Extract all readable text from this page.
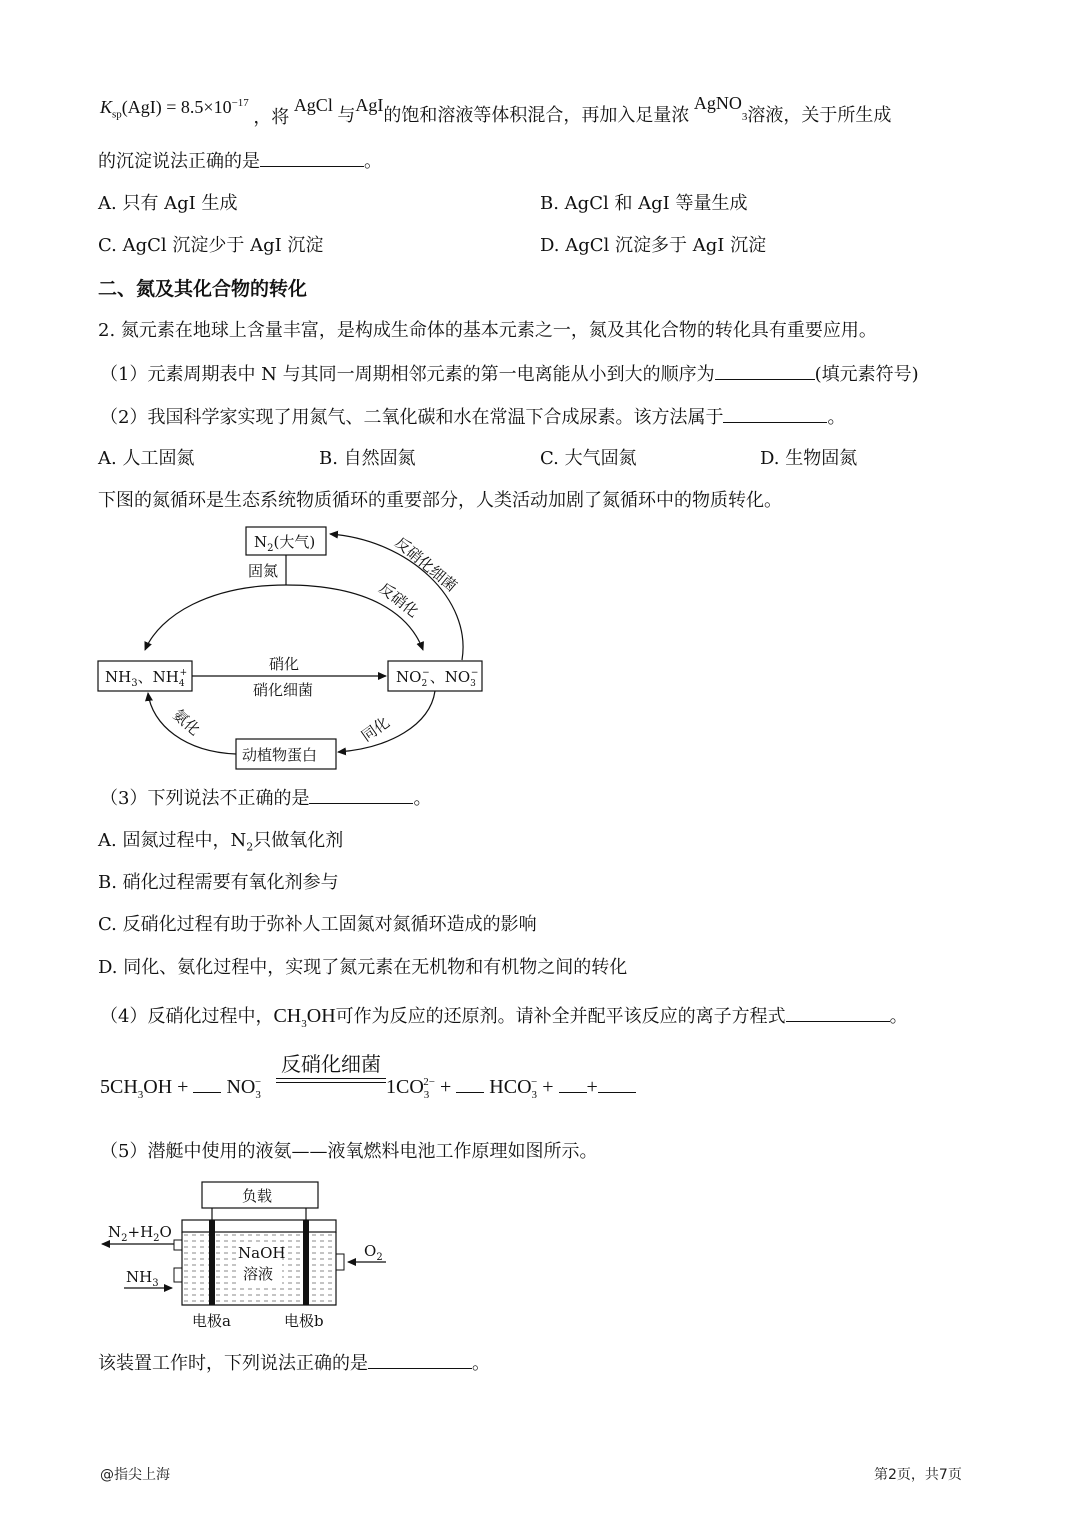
$K_{sp}(AgI) = 8.5\times 10^{-17}$ ，将 AgCl 与AgI的饱和溶液等体积混合，再加入足量浓 AgNO$_3$溶液，关于所生成
的沉淀说法正确的是	。
A. 只有 AgI 生成	B. AgCl 和 AgI 等量生成
C. AgCl 沉淀少于 AgI 沉淀	D. AgCl 沉淀多于 AgI 沉淀
二、氮及其化合物的转化
2. 氮元素在地球上含量丰富，是构成生命体的基本元素之一，氮及其化合物的转化具有重要应用。
（1）元素周期表中 N 与其同一周期相邻元素的第一电离能从小到大的顺序为	(填元素符号)
（2）我国科学家实现了用氮气、二氧化碳和水在常温下合成尿素。该方法属于	。
A. 人工固氮	B. 自然固氮	C. 大气固氮	D. 生物固氮
下图的氮循环是生态系统物质循环的重要部分，人类活动加剧了氮循环中的物质转化。
$N_2$(大气)
固氮
反硝化
反硝化细菌
$NH_3$、$NH_4+$	硝化
硝化细菌
$NO_2-$、$NO_3-$
同化
动植物蛋白
氨化
（3）下列说法不正确的是	。
A. 固氮过程中，$N_2$只做氧化剂
B. 硝化过程需要有氧化剂参与
C. 反硝化过程有助于弥补人工固氮对氮循环造成的影响
D. 同化、氨化过程中，实现了氮元素在无机物和有机物之间的转化
（4）反硝化过程中，$CH_3OH$可作为反应的还原剂。请补全并配平该反应的离子方程式	。
$5CH_3OH + NO_3^-$
反硝化细菌
$1CO_3^{2-} + HCO_3^-$ + +
（5）潜艇中使用的液氨——液氧燃料电池工作原理如图所示。
负载
NaOH
溶液
$N_2+H_2O$
$NH_3$
$O_2$
电极a	电极b
该装置工作时，下列说法正确的是	。
@指尖上海	第2页，共7页
